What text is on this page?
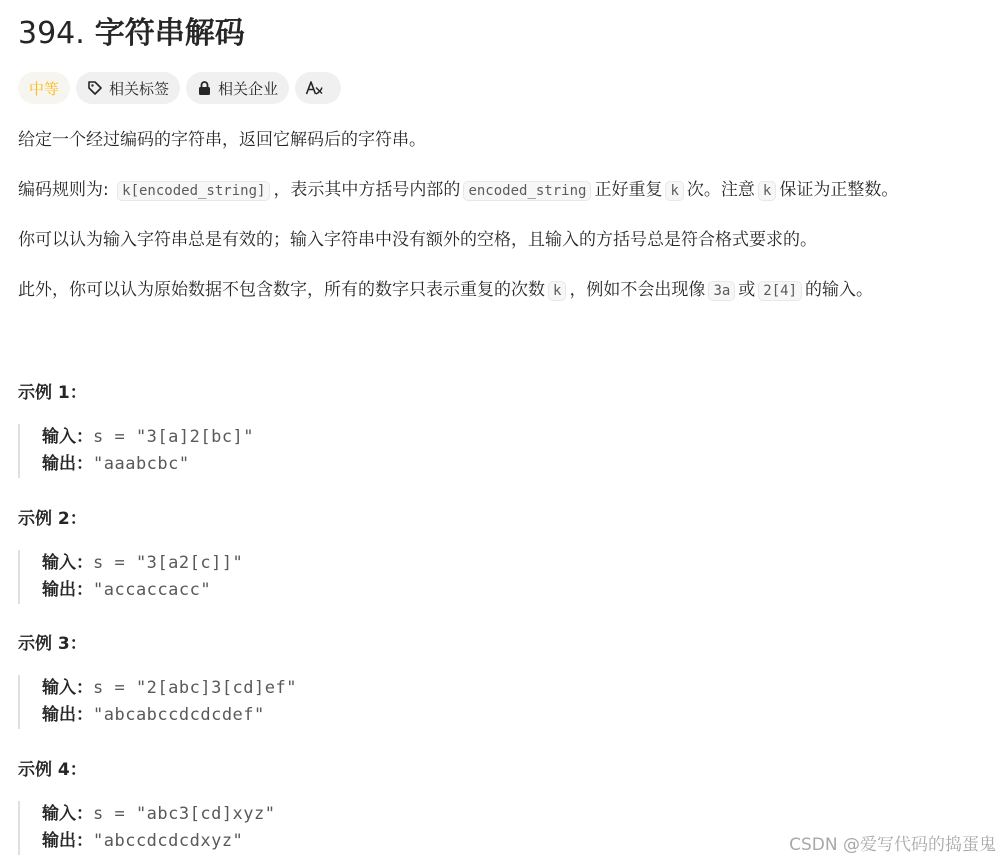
394. 字符串解码
中等	相关标签	相关企业
给定一个经过编码的字符串，返回它解码后的字符串。
编码规则为: k[encoded_string] ，表示其中方括号内部的 encoded_string 正好重复 k 次。注意 k 保证为正整数。
你可以认为输入字符串总是有效的；输入字符串中没有额外的空格，且输入的方括号总是符合格式要求的。
此外，你可以认为原始数据不包含数字，所有的数字只表示重复的次数 k ，例如不会出现像 3a 或 2[4] 的输入。
示例 1：
输入：s = "3[a]2[bc]"
输出："aaabcbc"
示例 2：
输入：s = "3[a2[c]]"
输出："accaccacc"
示例 3：
输入：s = "2[abc]3[cd]ef"
输出："abcabccdcdcdef"
示例 4：
输入：s = "abc3[cd]xyz"
输出："abccdcdcdxyz"	CSDN @爱写代码的捣蛋鬼
